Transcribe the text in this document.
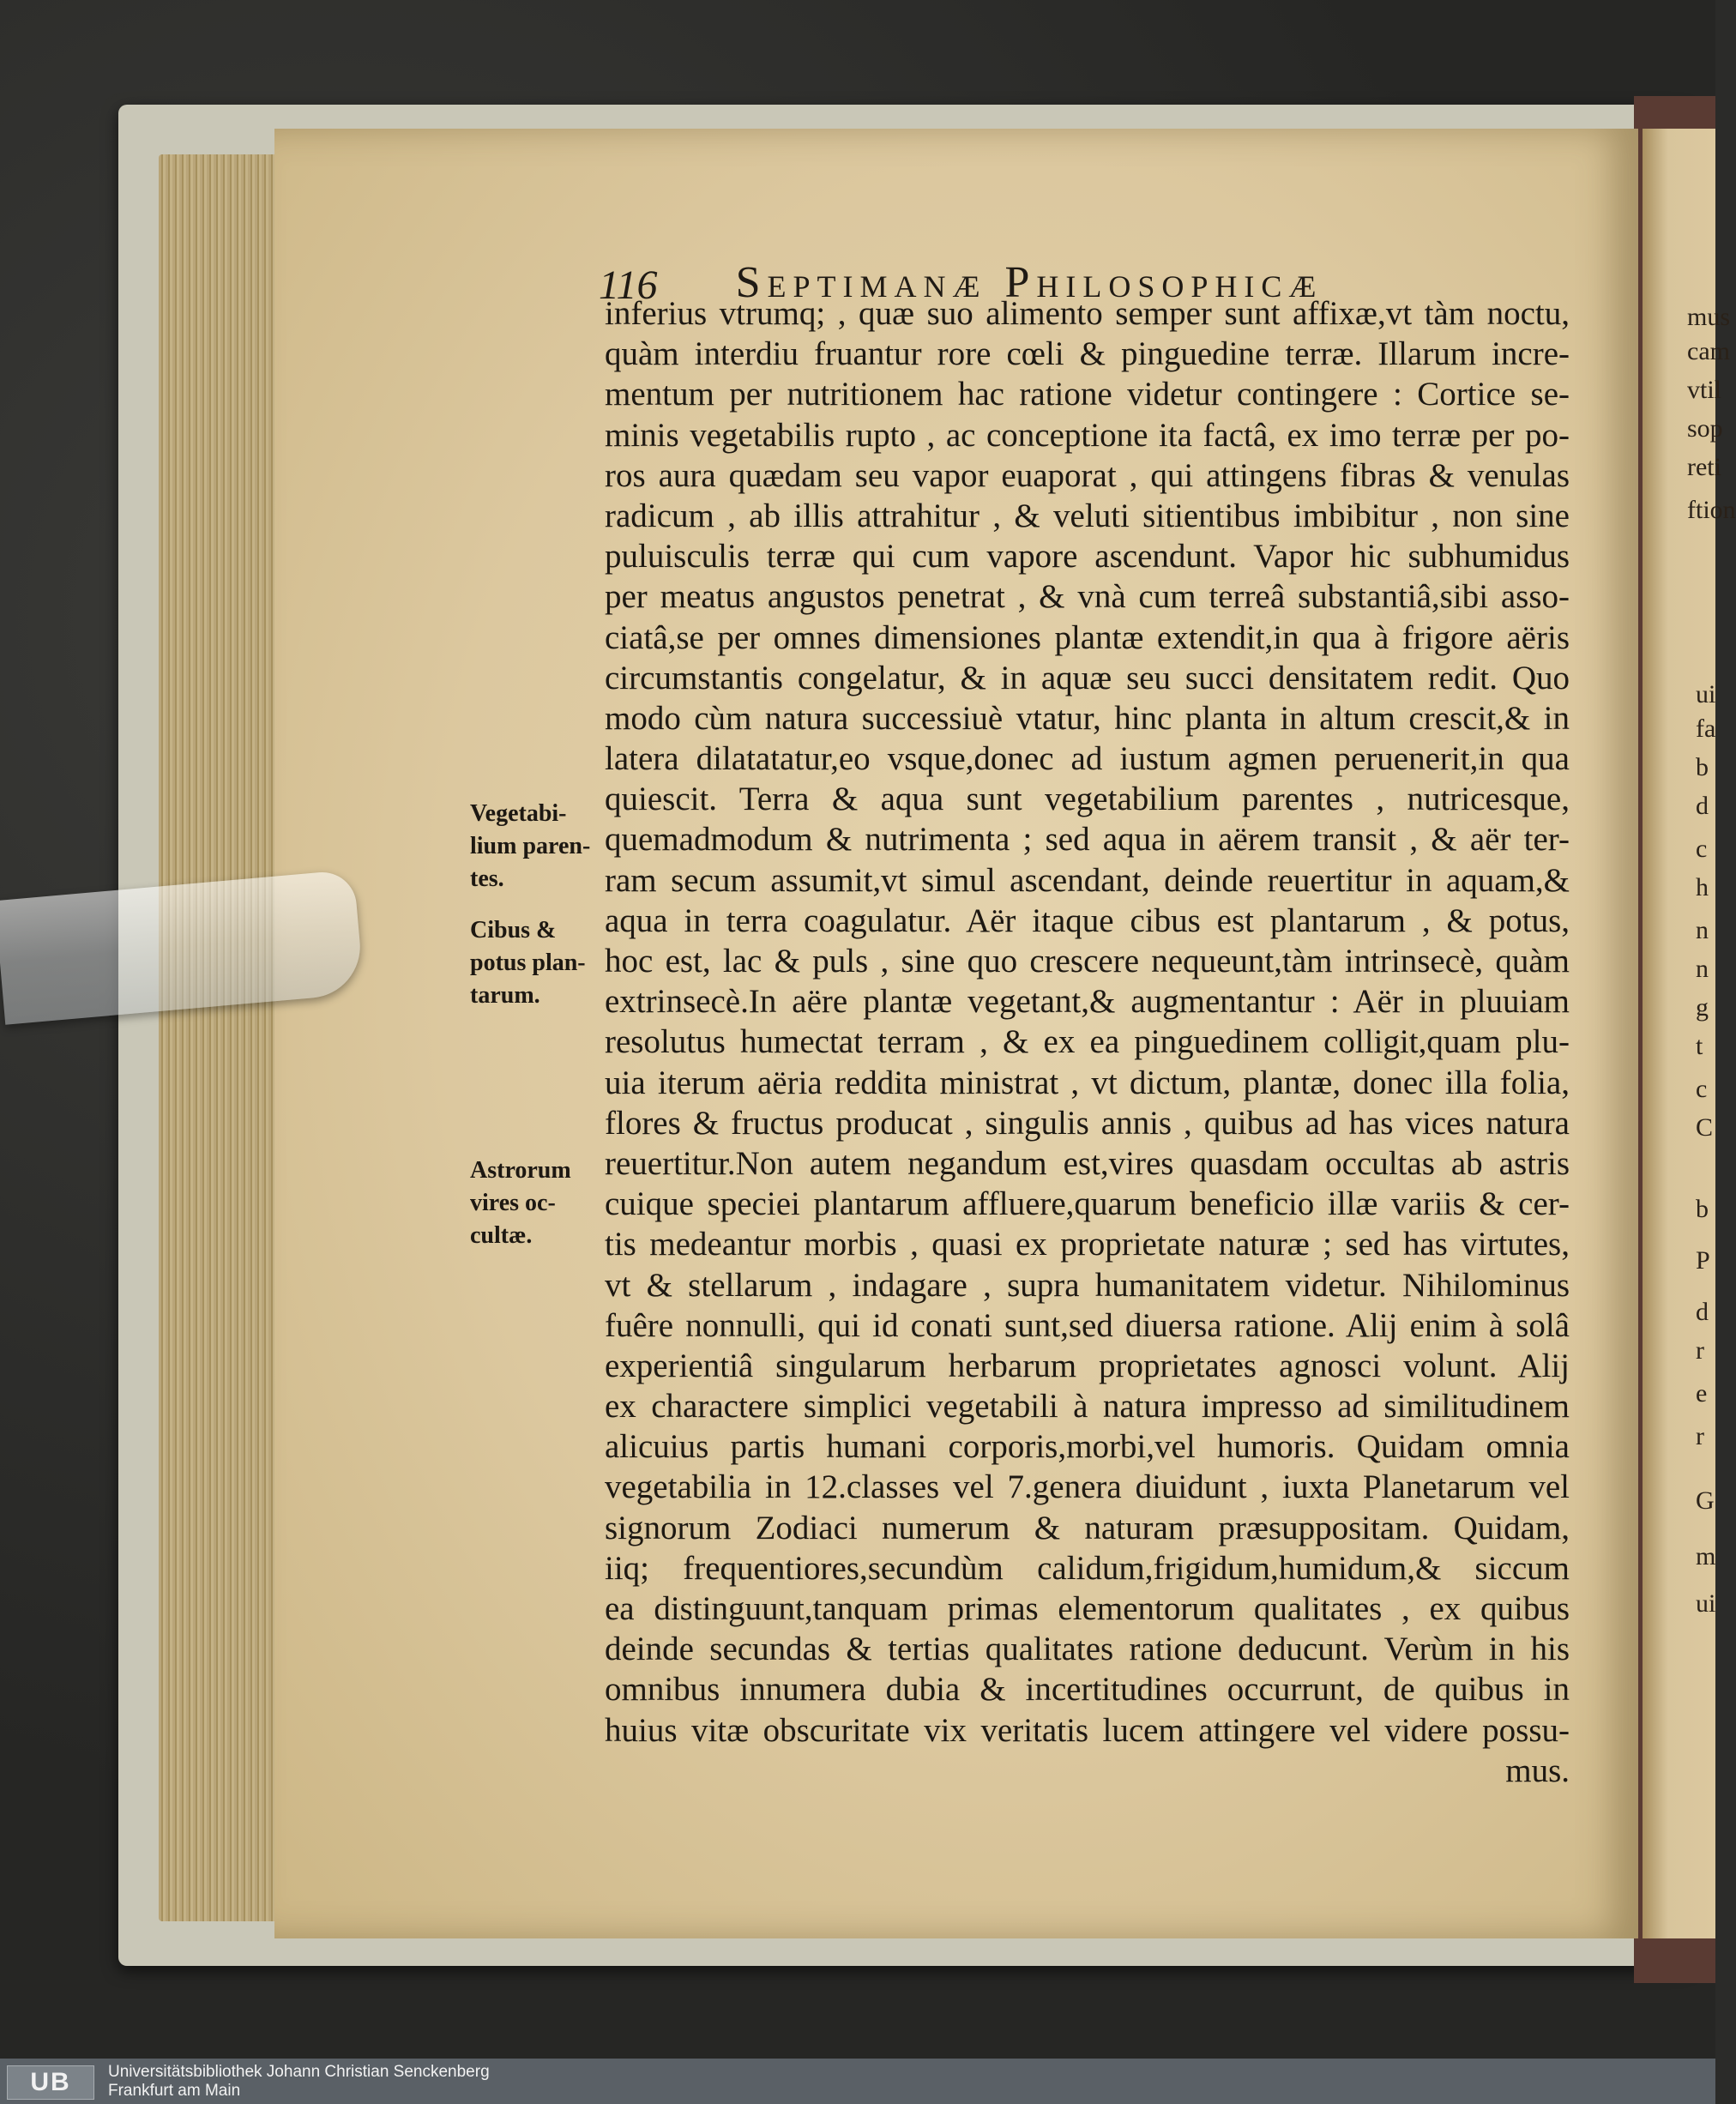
mus
cam
vtil
sop
reti
ftion
ui
fa
b
d
c
h
n
n
g
t
c
C
b
P
d
r
e
r
G
m
ui
116	Septimanæ Philosophicæ
inferius vtrumq; , quæ suo alimento semper sunt affixæ,vt tàm noctu,
quàm interdiu fruantur rore cœli & pinguedine terræ. Illarum incre-
mentum per nutritionem hac ratione videtur contingere : Cortice se-
minis vegetabilis rupto , ac conceptione ita factâ, ex imo terræ per po-
ros aura quædam seu vapor euaporat , qui attingens fibras & venulas
radicum , ab illis attrahitur , & veluti sitientibus imbibitur , non sine
puluisculis terræ qui cum vapore ascendunt. Vapor hic subhumidus
per meatus angustos penetrat , & vnà cum terreâ substantiâ,sibi asso-
ciatâ,se per omnes dimensiones plantæ extendit,in qua à frigore aëris
circumstantis congelatur, & in aquæ seu succi densitatem redit. Quo
modo cùm natura successiuè vtatur, hinc planta in altum crescit,& in
latera dilatatatur,eo vsque,donec ad iustum agmen peruenerit,in qua
quiescit. Terra & aqua sunt vegetabilium parentes , nutricesque,
quemadmodum & nutrimenta ; sed aqua in aërem transit , & aër ter-
ram secum assumit,vt simul ascendant, deinde reuertitur in aquam,&
aqua in terra coagulatur. Aër itaque cibus est plantarum , & potus,
hoc est, lac & puls , sine quo crescere nequeunt,tàm intrinsecè, quàm
extrinsecè.In aëre plantæ vegetant,& augmentantur : Aër in pluuiam
resolutus humectat terram , & ex ea pinguedinem colligit,quam plu-
uia iterum aëria reddita ministrat , vt dictum, plantæ, donec illa folia,
flores & fructus producat , singulis annis , quibus ad has vices natura
reuertitur.Non autem negandum est,vires quasdam occultas ab astris
cuique speciei plantarum affluere,quarum beneficio illæ variis & cer-
tis medeantur morbis , quasi ex proprietate naturæ ; sed has virtutes,
vt & stellarum , indagare , supra humanitatem videtur. Nihilominus
fuêre nonnulli, qui id conati sunt,sed diuersa ratione. Alij enim à solâ
experientiâ singularum herbarum proprietates agnosci volunt. Alij
ex charactere simplici vegetabili à natura impresso ad similitudinem
alicuius partis humani corporis,morbi,vel humoris. Quidam omnia
vegetabilia in 12.classes vel 7.genera diuidunt , iuxta Planetarum vel
signorum Zodiaci numerum & naturam præsuppositam. Quidam,
iiq; frequentiores,secundùm calidum,frigidum,humidum,& siccum
ea distinguunt,tanquam primas elementorum qualitates , ex quibus
deinde secundas & tertias qualitates ratione deducunt. Verùm in his
omnibus innumera dubia & incertitudines occurrunt, de quibus in
huius vitæ obscuritate vix veritatis lucem attingere vel videre possu-
mus.
Vegetabi-
lium paren-
tes.
Cibus &
potus plan-
tarum.
Astrorum
vires oc-
cultæ.
UB	Universitätsbibliothek Johann Christian Senckenberg
Frankfurt am Main
